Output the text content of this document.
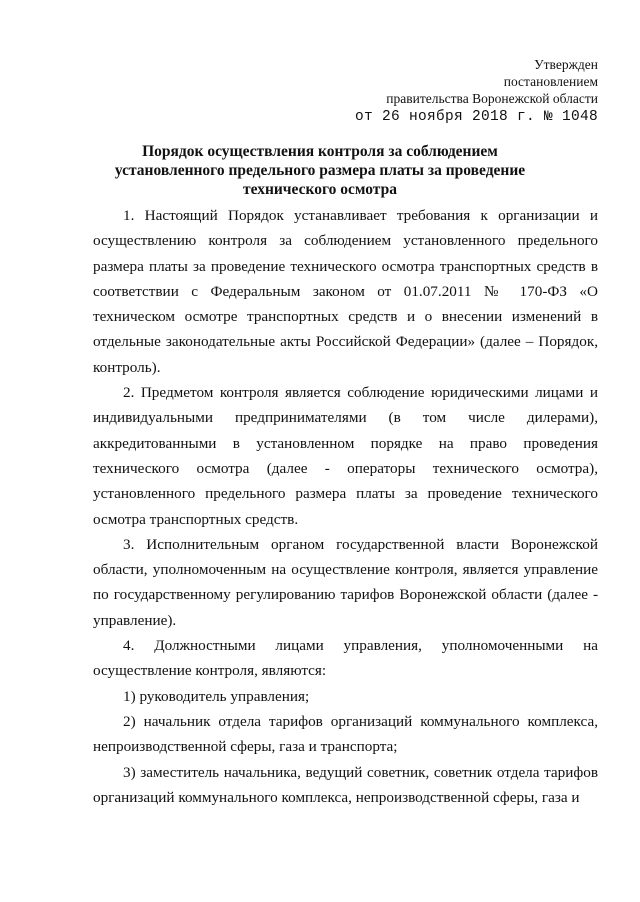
Утвержден
постановлением
правительства Воронежской области
от 26 ноября 2018 г. № 1048
Порядок осуществления контроля за соблюдением
установленного предельного размера платы за проведение
технического осмотра

1. Настоящий Порядок устанавливает требования к организации и осуществлению контроля за соблюдением установленного предельного размера платы за проведение технического осмотра транспортных средств в соответствии с Федеральным законом от 01.07.2011 № 170-ФЗ «О техническом осмотре транспортных средств и о внесении изменений в отдельные законодательные акты Российской Федерации» (далее – Порядок, контроль).

2. Предметом контроля является соблюдение юридическими лицами и индивидуальными предпринимателями (в том числе дилерами), аккредитованными в установленном порядке на право проведения технического осмотра (далее - операторы технического осмотра), установленного предельного размера платы за проведение технического осмотра транспортных средств.

3. Исполнительным органом государственной власти Воронежской области, уполномоченным на осуществление контроля, является управление по государственному регулированию тарифов Воронежской области (далее - управление).

4. Должностными лицами управления, уполномоченными на осуществление контроля, являются:

1) руководитель управления;

2) начальник отдела тарифов организаций коммунального комплекса, непроизводственной сферы, газа и транспорта;

3) заместитель начальника, ведущий советник, советник отдела тарифов организаций коммунального комплекса, непроизводственной сферы, газа и
